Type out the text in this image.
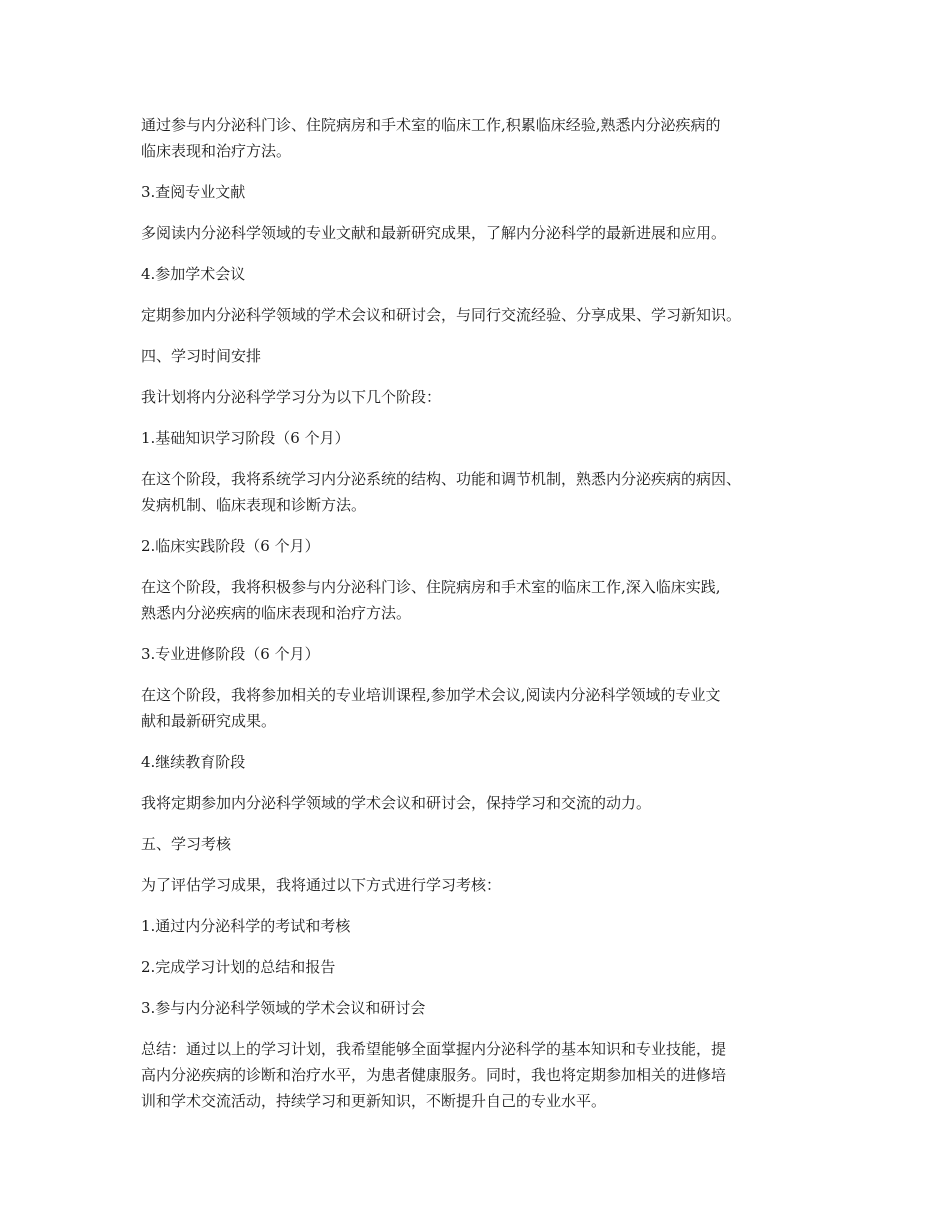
通过参与内分泌科门诊、住院病房和手术室的临床工作,积累临床经验,熟悉内分泌疾病的
临床表现和治疗方法。

3.查阅专业文献

多阅读内分泌科学领域的专业文献和最新研究成果，了解内分泌科学的最新进展和应用。

4.参加学术会议

定期参加内分泌科学领域的学术会议和研讨会，与同行交流经验、分享成果、学习新知识。

四、学习时间安排

我计划将内分泌科学学习分为以下几个阶段：

1.基础知识学习阶段（6 个月）

在这个阶段，我将系统学习内分泌系统的结构、功能和调节机制，熟悉内分泌疾病的病因、
发病机制、临床表现和诊断方法。

2.临床实践阶段（6 个月）

在这个阶段，我将积极参与内分泌科门诊、住院病房和手术室的临床工作,深入临床实践,
熟悉内分泌疾病的临床表现和治疗方法。

3.专业进修阶段（6 个月）

在这个阶段，我将参加相关的专业培训课程,参加学术会议,阅读内分泌科学领域的专业文
献和最新研究成果。

4.继续教育阶段

我将定期参加内分泌科学领域的学术会议和研讨会，保持学习和交流的动力。

五、学习考核

为了评估学习成果，我将通过以下方式进行学习考核：

1.通过内分泌科学的考试和考核

2.完成学习计划的总结和报告

3.参与内分泌科学领域的学术会议和研讨会

总结：通过以上的学习计划，我希望能够全面掌握内分泌科学的基本知识和专业技能，提
高内分泌疾病的诊断和治疗水平，为患者健康服务。同时，我也将定期参加相关的进修培
训和学术交流活动，持续学习和更新知识，不断提升自己的专业水平。
